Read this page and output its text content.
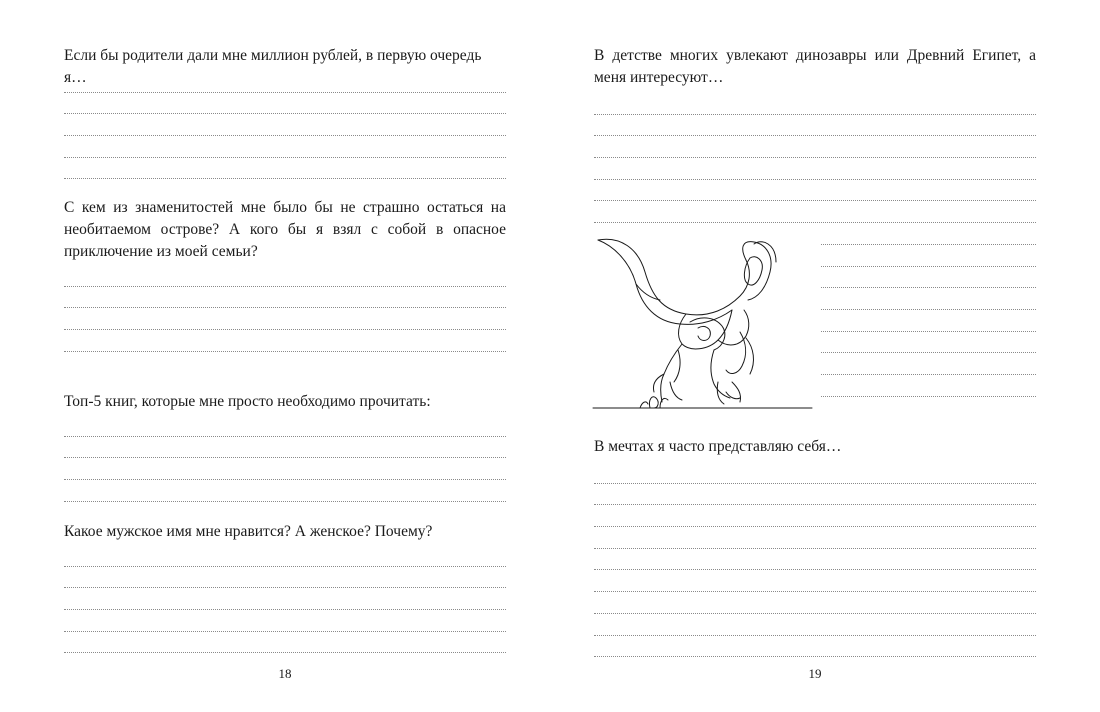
Если бы родители дали мне миллион рублей, в первую очередь я…

С кем из знаменитостей мне было бы не страшно остаться на необитаемом острове? А кого бы я взял с собой в опасное приключение из моей семьи?

Топ-5 книг, которые мне просто необходимо прочитать:

Какое мужское имя мне нравится? А женское? Почему?

18

В детстве многих увлекают динозавры или Древний Египет, а меня интересуют…

В мечтах я часто представляю себя…

19
